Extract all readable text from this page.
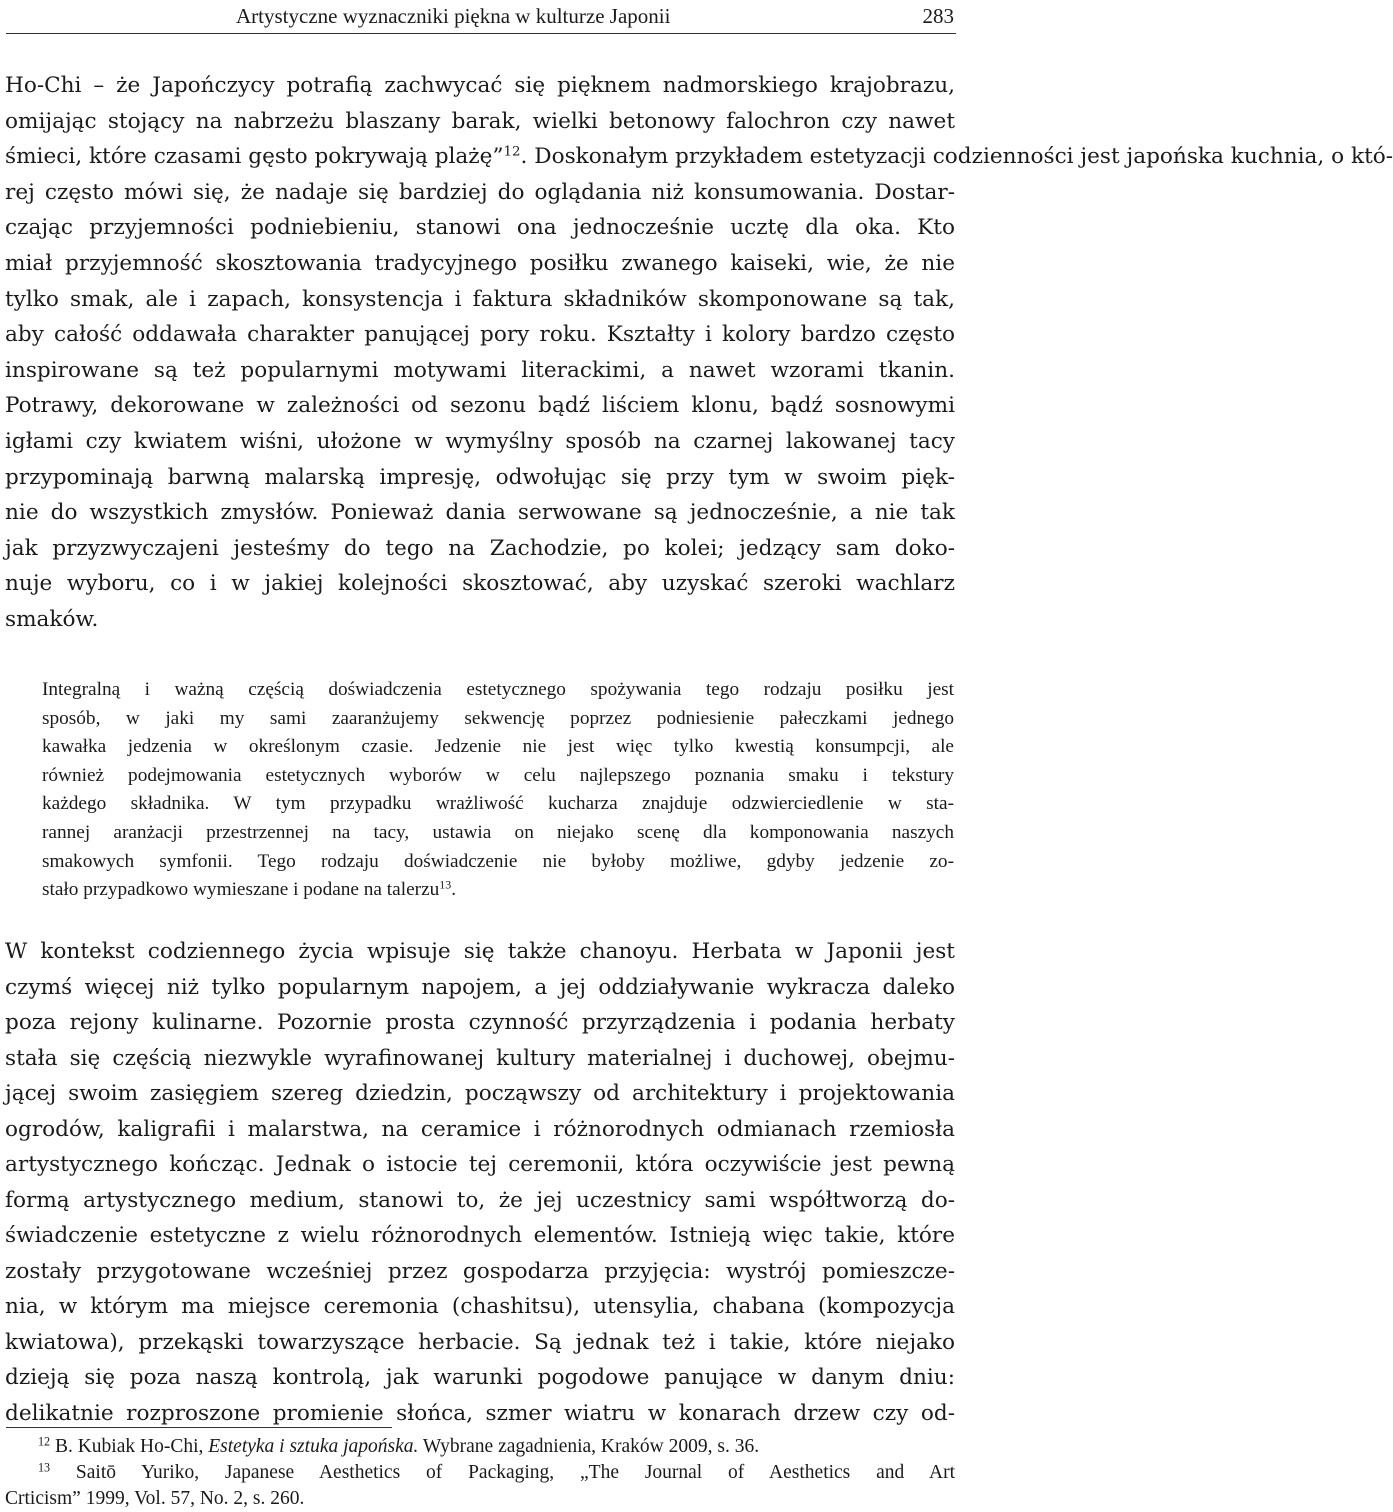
Artystyczne wyznaczniki piękna w kulturze Japonii	283
Ho-Chi – że Japończycy potrafią zachwycać się pięknem nadmorskiego krajobrazu,
omijając stojący na nabrzeżu blaszany barak, wielki betonowy falochron czy nawet
śmieci, które czasami gęsto pokrywają plażę”$^{12}$. Doskonałym przykładem estetyzacji codzienności jest japońska kuchnia, o któ-
rej często mówi się, że nadaje się bardziej do oglądania niż konsumowania. Dostar-
czając przyjemności podniebieniu, stanowi ona jednocześnie ucztę dla oka. Kto
miał przyjemność skosztowania tradycyjnego posiłku zwanego kaiseki, wie, że nie
tylko smak, ale i zapach, konsystencja i faktura składników skomponowane są tak,
aby całość oddawała charakter panującej pory roku. Kształty i kolory bardzo często
inspirowane są też popularnymi motywami literackimi, a nawet wzorami tkanin.
Potrawy, dekorowane w zależności od sezonu bądź liściem klonu, bądź sosnowymi
igłami czy kwiatem wiśni, ułożone w wymyślny sposób na czarnej lakowanej tacy
przypominają barwną malarską impresję, odwołując się przy tym w swoim pięk-
nie do wszystkich zmysłów. Ponieważ dania serwowane są jednocześnie, a nie tak
jak przyzwyczajeni jesteśmy do tego na Zachodzie, po kolei; jedzący sam doko-
nuje wyboru, co i w jakiej kolejności skosztować, aby uzyskać szeroki wachlarz
smaków.
Integralną i ważną częścią doświadczenia estetycznego spożywania tego rodzaju posiłku jest
sposób, w jaki my sami zaaranżujemy sekwencję poprzez podniesienie pałeczkami jednego
kawałka jedzenia w określonym czasie. Jedzenie nie jest więc tylko kwestią konsumpcji, ale
również podejmowania estetycznych wyborów w celu najlepszego poznania smaku i tekstury
każdego składnika. W tym przypadku wrażliwość kucharza znajduje odzwierciedlenie w sta-
rannej aranżacji przestrzennej na tacy, ustawia on niejako scenę dla komponowania naszych
smakowych symfonii. Tego rodzaju doświadczenie nie byłoby możliwe, gdyby jedzenie zo-
stało przypadkowo wymieszane i podane na talerzu$^{13}$.
W kontekst codziennego życia wpisuje się także chanoyu. Herbata w Japonii jest
czymś więcej niż tylko popularnym napojem, a jej oddziaływanie wykracza daleko
poza rejony kulinarne. Pozornie prosta czynność przyrządzenia i podania herbaty
stała się częścią niezwykle wyrafinowanej kultury materialnej i duchowej, obejmu-
jącej swoim zasięgiem szereg dziedzin, począwszy od architektury i projektowania
ogrodów, kaligrafii i malarstwa, na ceramice i różnorodnych odmianach rzemiosła
artystycznego kończąc. Jednak o istocie tej ceremonii, która oczywiście jest pewną
formą artystycznego medium, stanowi to, że jej uczestnicy sami współtworzą do-
świadczenie estetyczne z wielu różnorodnych elementów. Istnieją więc takie, które
zostały przygotowane wcześniej przez gospodarza przyjęcia: wystrój pomieszcze-
nia, w którym ma miejsce ceremonia (chashitsu), utensylia, chabana (kompozycja
kwiatowa), przekąski towarzyszące herbacie. Są jednak też i takie, które niejako
dzieją się poza naszą kontrolą, jak warunki pogodowe panujące w danym dniu:
delikatnie rozproszone promienie słońca, szmer wiatru w konarach drzew czy od-
$^{12}$ B. Kubiak Ho-Chi, Estetyka i sztuka japońska. Wybrane zagadnienia, Kraków 2009, s. 36.
$^{13}$ Saitō Yuriko, Japanese Aesthetics of Packaging, „The Journal of Aesthetics and Art
Crticism” 1999, Vol. 57, No. 2, s. 260.
